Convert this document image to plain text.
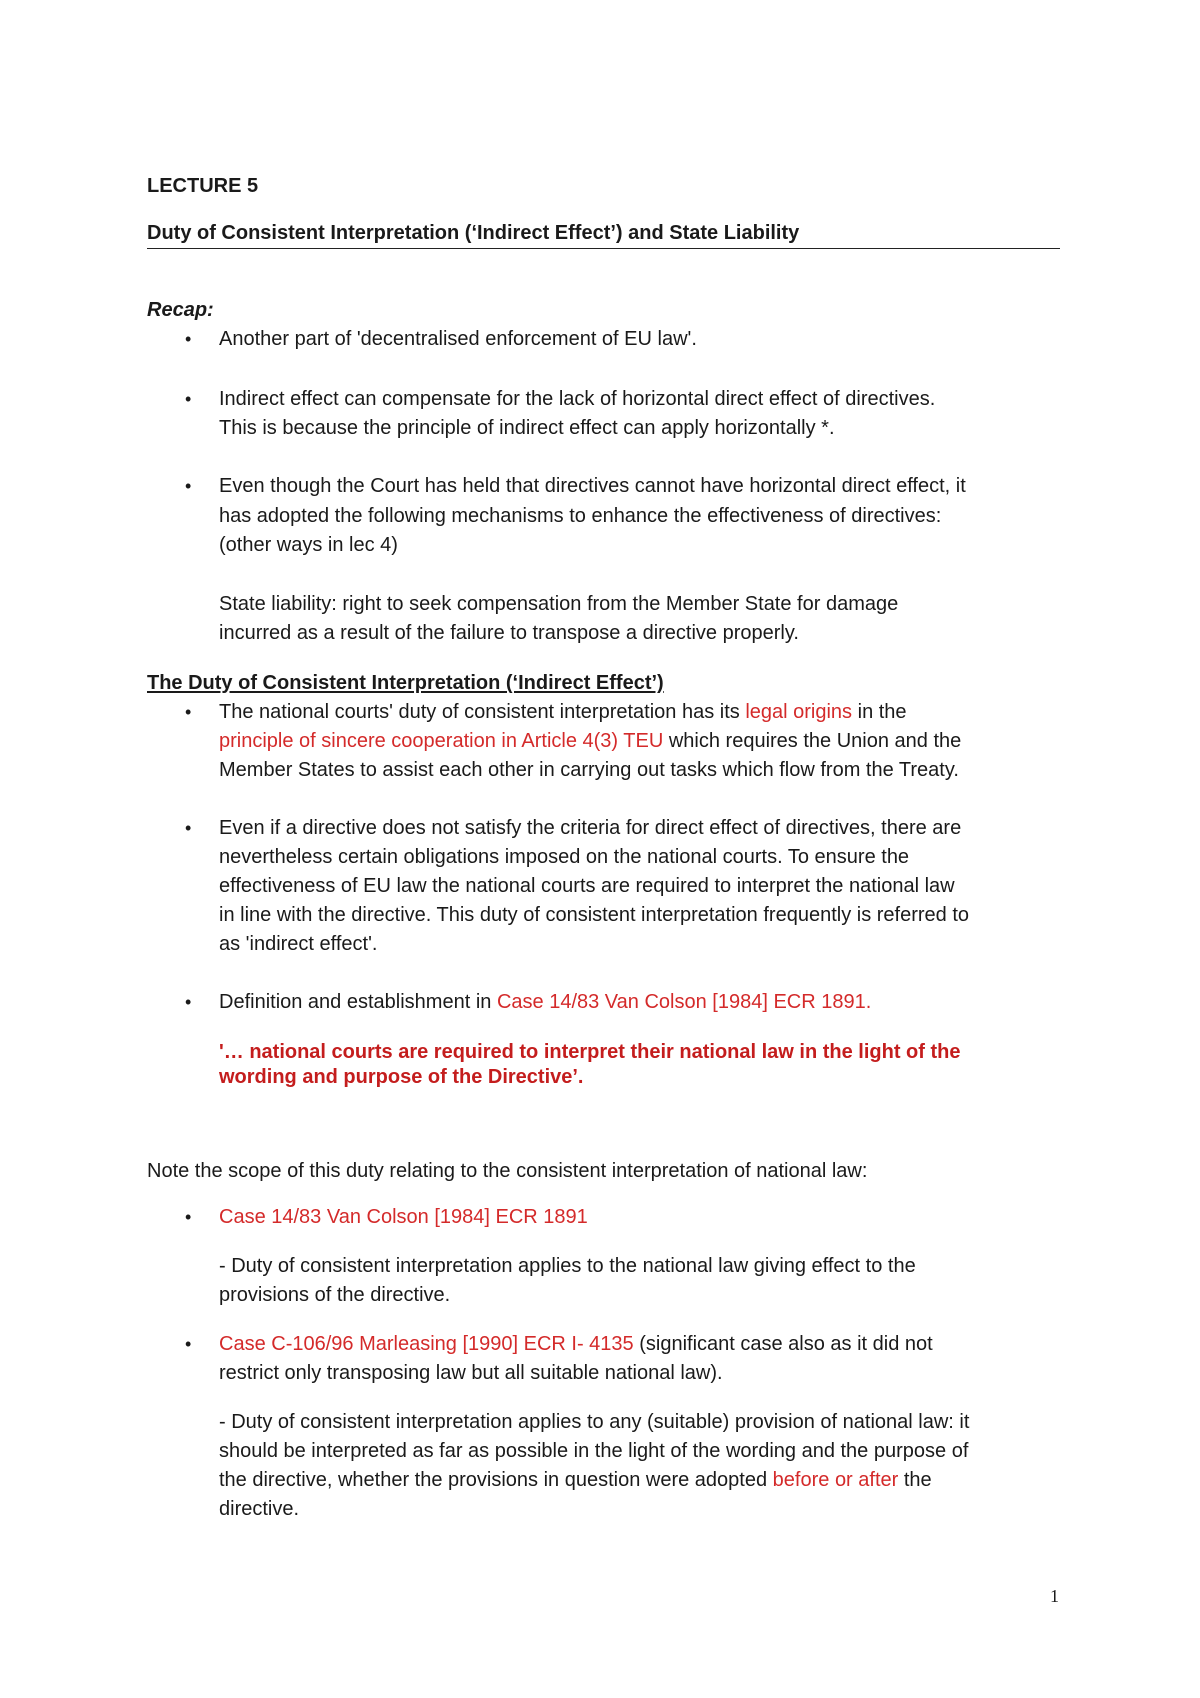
LECTURE 5
Duty of Consistent Interpretation (‘Indirect Effect’) and State Liability
Recap:
• Another part of 'decentralised enforcement of EU law'.
• Indirect effect can compensate for the lack of horizontal direct effect of directives.
This is because the principle of indirect effect can apply horizontally *.
• Even though the Court has held that directives cannot have horizontal direct effect, it
has adopted the following mechanisms to enhance the effectiveness of directives:
(other ways in lec 4)
State liability: right to seek compensation from the Member State for damage
incurred as a result of the failure to transpose a directive properly.
The Duty of Consistent Interpretation (‘Indirect Effect’)
• The national courts' duty of consistent interpretation has its legal origins in the
principle of sincere cooperation in Article 4(3) TEU which requires the Union and the
Member States to assist each other in carrying out tasks which flow from the Treaty.
• Even if a directive does not satisfy the criteria for direct effect of directives, there are
nevertheless certain obligations imposed on the national courts. To ensure the
effectiveness of EU law the national courts are required to interpret the national law
in line with the directive. This duty of consistent interpretation frequently is referred to
as 'indirect effect'.
• Definition and establishment in Case 14/83 Van Colson [1984] ECR 1891.
'… national courts are required to interpret their national law in the light of the
wording and purpose of the Directive’.
Note the scope of this duty relating to the consistent interpretation of national law:
• Case 14/83 Van Colson [1984] ECR 1891
- Duty of consistent interpretation applies to the national law giving effect to the
provisions of the directive.
• Case C-106/96 Marleasing [1990] ECR I- 4135 (significant case also as it did not
restrict only transposing law but all suitable national law).
- Duty of consistent interpretation applies to any (suitable) provision of national law: it
should be interpreted as far as possible in the light of the wording and the purpose of
the directive, whether the provisions in question were adopted before or after the
directive.
1
